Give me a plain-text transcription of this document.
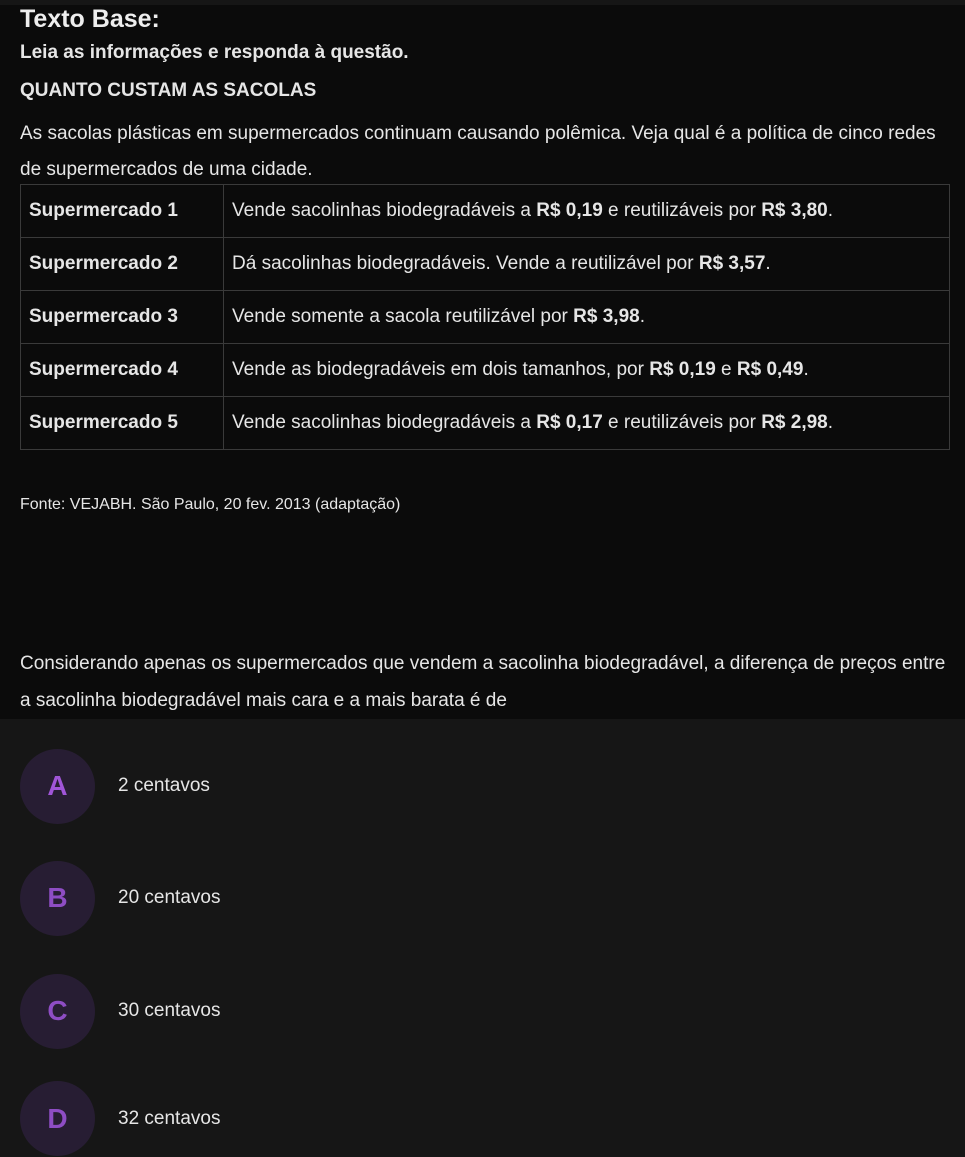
Texto Base:
Leia as informações e responda à questão.
QUANTO CUSTAM AS SACOLAS
As sacolas plásticas em supermercados continuam causando polêmica. Veja qual é a política de cinco redes de supermercados de uma cidade.
Supermercado 1	Vende sacolinhas biodegradáveis a R$ 0,19 e reutilizáveis por R$ 3,80.
Supermercado 2	Dá sacolinhas biodegradáveis. Vende a reutilizável por R$ 3,57.
Supermercado 3	Vende somente a sacola reutilizável por R$ 3,98.
Supermercado 4	Vende as biodegradáveis em dois tamanhos, por R$ 0,19 e R$ 0,49.
Supermercado 5	Vende sacolinhas biodegradáveis a R$ 0,17 e reutilizáveis por R$ 2,98.
Fonte: VEJABH. São Paulo, 20 fev. 2013 (adaptação)
Considerando apenas os supermercados que vendem a sacolinha biodegradável, a diferença de preços entre a sacolinha biodegradável mais cara e a mais barata é de
A	2 centavos
B	20 centavos
C	30 centavos
D	32 centavos
